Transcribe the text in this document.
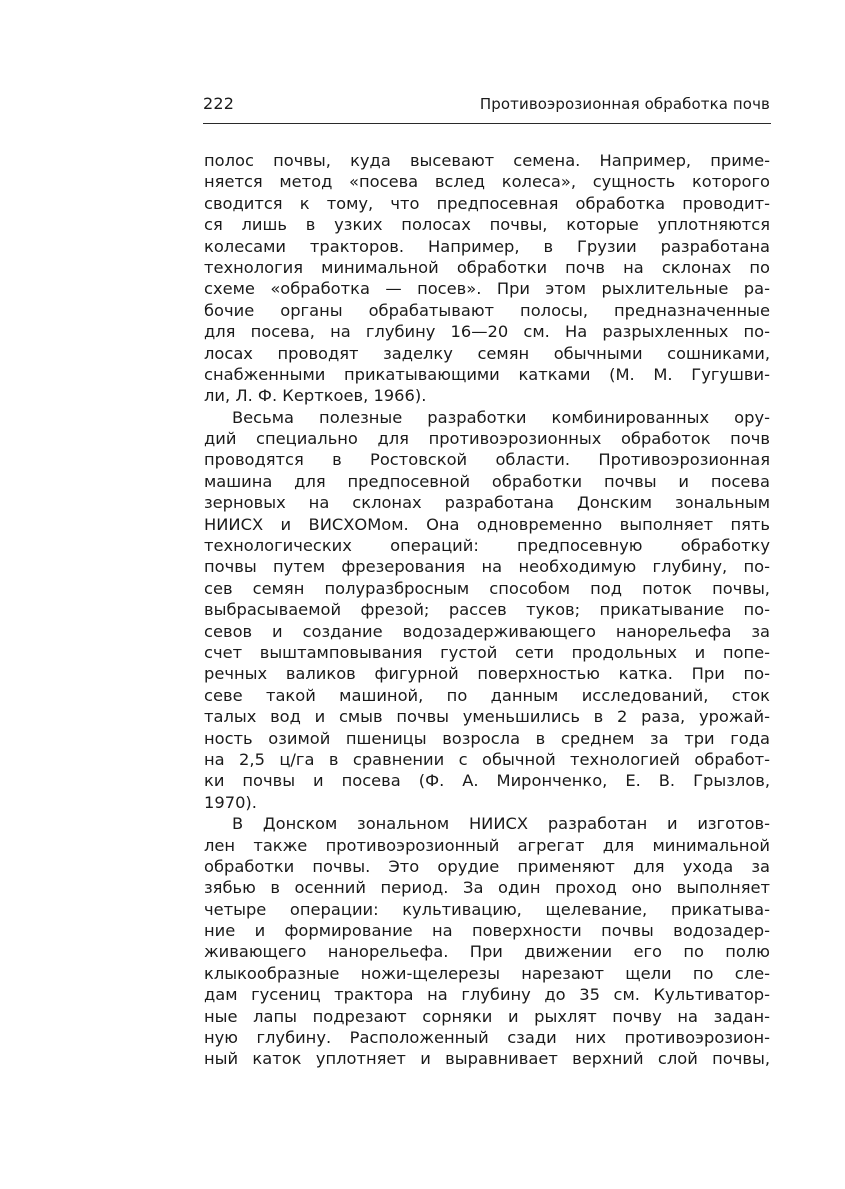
222	Противоэрозионная обработка почв
полос почвы, куда высевают семена. Например, приме-
няется метод «посева вслед колеса», сущность которого
сводится к тому, что предпосевная обработка проводит-
ся лишь в узких полосах почвы, которые уплотняются
колесами тракторов. Например, в Грузии разработана
технология минимальной обработки почв на склонах по
схеме «обработка — посев». При этом рыхлительные ра-
бочие органы обрабатывают полосы, предназначенные
для посева, на глубину 16—20 см. На разрыхленных по-
лосах проводят заделку семян обычными сошниками,
снабженными прикатывающими катками (М. М. Гугушви-
ли, Л. Ф. Керткоев, 1966).
Весьма полезные разработки комбинированных ору-
дий специально для противоэрозионных обработок почв
проводятся в Ростовской области. Противоэрозионная
машина для предпосевной обработки почвы и посева
зерновых на склонах разработана Донским зональным
НИИСХ и ВИСХОМом. Она одновременно выполняет пять
технологических операций: предпосевную обработку
почвы путем фрезерования на необходимую глубину, по-
сев семян полуразбросным способом под поток почвы,
выбрасываемой фрезой; рассев туков; прикатывание по-
севов и создание водозадерживающего нанорельефа за
счет выштамповывания густой сети продольных и попе-
речных валиков фигурной поверхностью катка. При по-
севе такой машиной, по данным исследований, сток
талых вод и смыв почвы уменьшились в 2 раза, урожай-
ность озимой пшеницы возросла в среднем за три года
на 2,5 ц/га в сравнении с обычной технологией обработ-
ки почвы и посева (Ф. А. Миронченко, Е. В. Грызлов,
1970).
В Донском зональном НИИСХ разработан и изготов-
лен также противоэрозионный агрегат для минимальной
обработки почвы. Это орудие применяют для ухода за
зябью в осенний период. За один проход оно выполняет
четыре операции: культивацию, щелевание, прикатыва-
ние и формирование на поверхности почвы водозадер-
живающего нанорельефа. При движении его по полю
клыкообразные ножи-щелерезы нарезают щели по сле-
дам гусениц трактора на глубину до 35 см. Культиватор-
ные лапы подрезают сорняки и рыхлят почву на задан-
ную глубину. Расположенный сзади них противоэрозион-
ный каток уплотняет и выравнивает верхний слой почвы,
